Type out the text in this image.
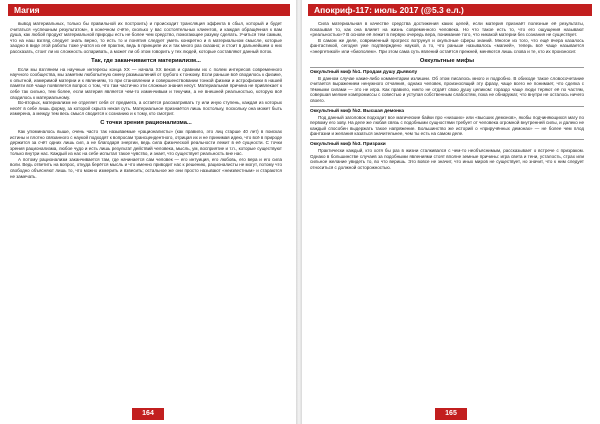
Магия

вывод материальных, только бы правильной их построить) и происходит трансляция эффекта в сбыл, который и будет считаться «успешным результатом», в конечном счёте, сколько у вас состоятельных клиентов, и каждая обращённая к вам душа, как любой продукт материальной природы есть не более чем средство, помогающее разуму сделать. Учиться тем самым, что на наш взгляд следует знать верно, то есть то и понятия следует уметь конкретно и в материальном смысле, которые заодно в виде этой работы тоже учатся из её практик, ведь в принципе их и так много раз сказано; и стоит в дальнейшем о них рассказать, стоит ли их сложность оспаривать, а может ли об этом говорить у тех людей, которые составляют данный поток.

Так, где заканчивается материализм...

Если мы взглянем на научные интересы конца XX — начала XX веков и сравним их с полем интересов современного научного сообщества, мы заметим любопытную смену размышлений от грубого к тонкому. Если раньше всё сводилось к физике, к опытной, измеримой материи и к явлениям, то при становлении и совершенствовании тонкой физики и астрофизики в нашей памяти всё чаще появляется вопрос о том, что там частично эти сложные знания несут. Материальная причина не привлекает к себе так сильно, тем более, если материя является чем-то изменчивым и текучим, а не внешней реальностью, которую всё сводилось к материальному.

Во-вторых, материализм не отделяет себя от предмета, а остаётся рассматривать ту или иную ступень, каждая из которых несёт в себе лишь форму, за которой скрыта некая суть. Материальное признаётся лишь постольку, поскольку она может быть измерена, а между тем весь смысл сводится к сознанию и к тому, кто смотрит.

С точки зрения рационализма...

Как упоминалось выше, очень часто так называемые «рационалисты» (как правило, это лиц старше 40 лет) в поисках истины и плотно связанного с наукой подходят к вопросам трансцендентного, отрицая их и не принимая идею, что всё в природе держится за счёт одних лишь сил, а не благодаря энергии, ведь сила физической реальности лежит в её сущности. С точки зрения рационализма, любое чудо и есть лишь результат действий человека, мысль, ум, восприятие и т.п., которые существуют только внутри нас. Каждый из нас на себе испытал такое чувство, и знает, что существует реальность вне нас.

А потому рационализм заканчивается там, где начинается сам человек — его интуиция, его любовь, его вера и его сила воли. Ведь ответить на вопрос, откуда берётся мысль и что именно приводит нас к решению, рационалисты не могут, потому что свободно объясняют лишь то, что можно измерить и взвесить; остальное же они просто называют «неизвестным» и стараются не замечать.

164
Апокриф-117: июль 2017 (@5.3 е.л.)

Сила материальная в качестве средства достижения каких целей, если материя признаёт полезные её результаты, показывая то, как она влияет на жизнь современного человека. Но что такое есть то, что его ощущения называют «реальностью»? В основе её лежит в первую очередь вера, понимание того, что никакой материи без сознания не существует.

В самом же деле, современный прогресс вотрунул и окультные сферы знаний. Многое из того, что ещё вчера казалось фантастикой, сегодня уже подтверждено наукой, а то, что раньше называлось «магией», теперь всё чаще называется «энергетикой» или «биополем». При этом сама суть явлений остаётся прежней, меняются лишь слова и те, кто их произносит.

Оккультные мифы
Оккультный миф №1. Продам душу Дьяволу

В данном случае какие-либо комментарии излишни. Об этом писалось много и подробно. В обиходе такое словосочетание считается выражением ненужного отчаяния, однако человек, произносящий эту фразу, чаще всего не понимает, что сделка с тёмными силами — это не игра. Как правило, никто не отдаёт свою душу целиком: гораздо чаще люди теряют её по частям, совершая мелкие компромиссы с совестью и уступая собственным слабостям, пока не обнаружат, что внутри не осталось ничего своего.

Оккультный миф №2. Высшая демонка

Под данный заголовок подходит все магические байки про «низших» или «высших демонов», якобы подчиняющихся магу по первому его зову. На деле же любая связь с подобными сущностями требует от человека огромной внутренней силы, и далеко не каждый способен выдержать такое напряжение. Большинство же историй о «приручённых демонах» — не более чем плод фантазии и желания казаться значительнее, чем ты есть на самом деле.

Оккультный миф №3. Призраки

Практически каждый, кто хотя бы раз в жизни сталкивался с чем-то необъяснимым, рассказывает о встрече с призраком. Однако в большинстве случаев за подобными явлениями стоят вполне земные причины: игра света и тени, усталость, страх или сильное желание увидеть то, во что веришь. Это вовсе не значит, что иных миров не существует, но значит, что к ним следует относиться с должной осторожностью.

165
